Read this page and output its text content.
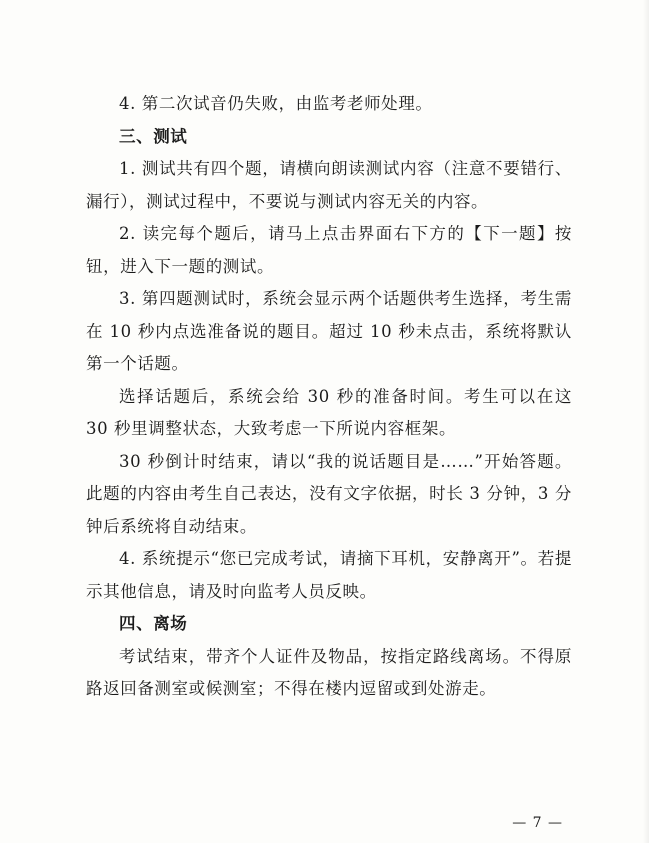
4. 第二次试音仍失败，由监考老师处理。

三、测试

1. 测试共有四个题，请横向朗读测试内容（注意不要错行、漏行），测试过程中，不要说与测试内容无关的内容。

2. 读完每个题后，请马上点击界面右下方的【下一题】按钮，进入下一题的测试。

3. 第四题测试时，系统会显示两个话题供考生选择，考生需在 10 秒内点选准备说的题目。超过 10 秒未点击，系统将默认第一个话题。

选择话题后，系统会给 30 秒的准备时间。考生可以在这 30 秒里调整状态，大致考虑一下所说内容框架。

30 秒倒计时结束，请以“我的说话题目是……”开始答题。此题的内容由考生自己表达，没有文字依据，时长 3 分钟，3 分钟后系统将自动结束。

4. 系统提示“您已完成考试，请摘下耳机，安静离开”。若提示其他信息，请及时向监考人员反映。

四、离场

考试结束，带齐个人证件及物品，按指定路线离场。不得原路返回备测室或候测室；不得在楼内逗留或到处游走。

— 7 —
